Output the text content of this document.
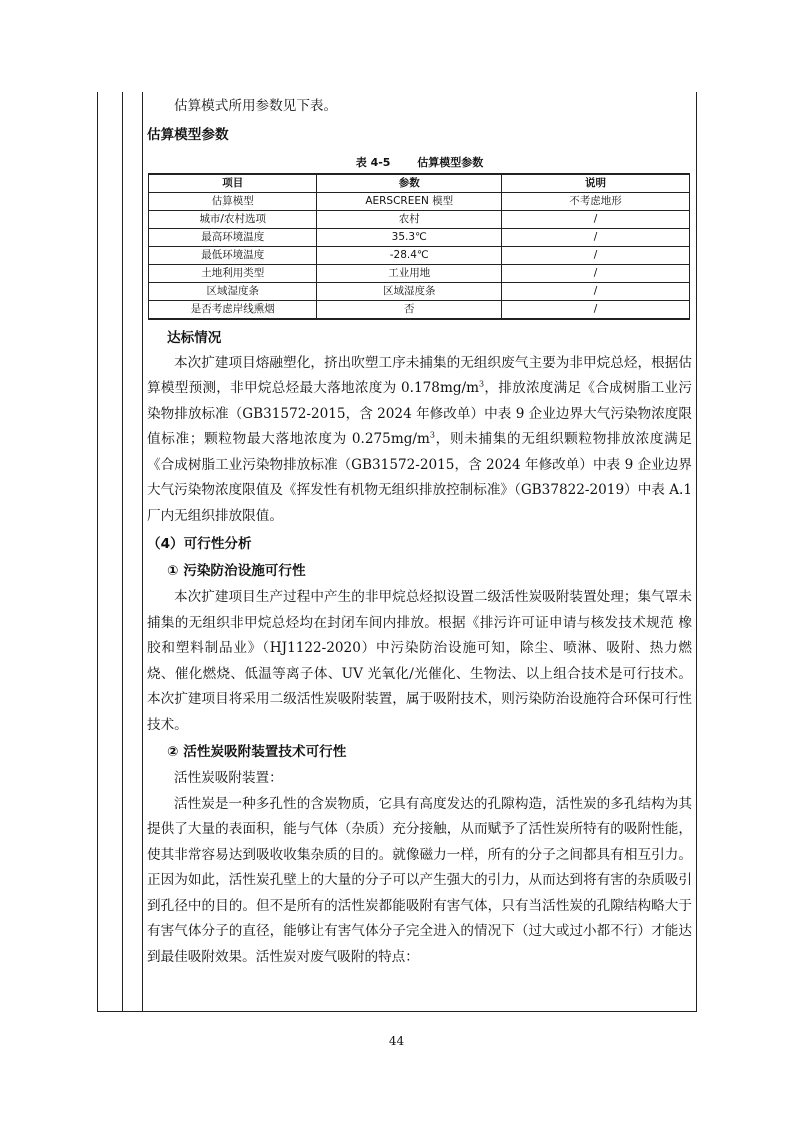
估算模式所用参数见下表。

估算模型参数

表 4-5 估算模型参数
项目	参数	说明
估算模型	AERSCREEN 模型	不考虑地形
城市/农村选项	农村	/
最高环境温度	35.3℃	/
最低环境温度	-28.4℃	/
土地利用类型	工业用地	/
区域湿度条	区域湿度条	/
是否考虑岸线熏烟	否	/

达标情况

本次扩建项目熔融塑化，挤出吹塑工序未捕集的无组织废气主要为非甲烷总烃，根据估算模型预测，非甲烷总烃最大落地浓度为 $0.178mg/m^3$，排放浓度满足《合成树脂工业污染物排放标准（GB31572-2015，含 2024 年修改单）中表 9 企业边界大气污染物浓度限值标准；颗粒物最大落地浓度为 $0.275mg/m^3$，则未捕集的无组织颗粒物排放浓度满足《合成树脂工业污染物排放标准（GB31572-2015，含 2024 年修改单）中表 9 企业边界大气污染物浓度限值及《挥发性有机物无组织排放控制标准》（GB37822-2019）中表 A.1 厂内无组织排放限值。

（4）可行性分析

① 污染防治设施可行性

本次扩建项目生产过程中产生的非甲烷总烃拟设置二级活性炭吸附装置处理；集气罩未捕集的无组织非甲烷总烃均在封闭车间内排放。根据《排污许可证申请与核发技术规范 橡胶和塑料制品业》（HJ1122-2020）中污染防治设施可知，除尘、喷淋、吸附、热力燃烧、催化燃烧、低温等离子体、UV 光氧化/光催化、生物法、以上组合技术是可行技术。本次扩建项目将采用二级活性炭吸附装置，属于吸附技术，则污染防治设施符合环保可行性技术。

② 活性炭吸附装置技术可行性

活性炭吸附装置：

活性炭是一种多孔性的含炭物质，它具有高度发达的孔隙构造，活性炭的多孔结构为其提供了大量的表面积，能与气体（杂质）充分接触，从而赋予了活性炭所特有的吸附性能，使其非常容易达到吸收收集杂质的目的。就像磁力一样，所有的分子之间都具有相互引力。正因为如此，活性炭孔壁上的大量的分子可以产生强大的引力，从而达到将有害的杂质吸引到孔径中的目的。但不是所有的活性炭都能吸附有害气体，只有当活性炭的孔隙结构略大于有害气体分子的直径，能够让有害气体分子完全进入的情况下（过大或过小都不行）才能达到最佳吸附效果。活性炭对废气吸附的特点：

44
